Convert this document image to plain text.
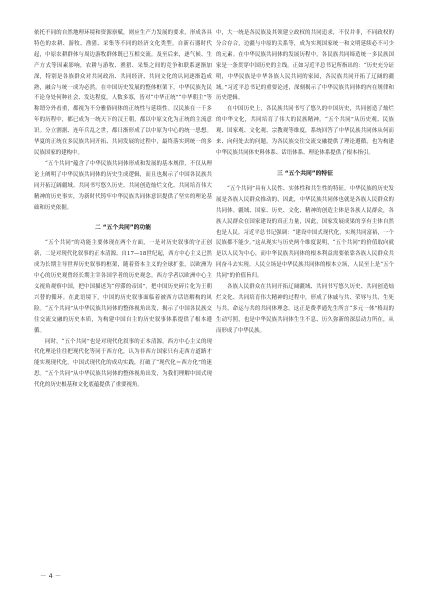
依托不同的自然地理环境和资源禀赋，则应生产力发展的要求，形成各具特色的农耕、游牧、渔猎、采集等不同的经济文化类型。自新石器时代起，中原农耕群体与周边游牧群体既已互相交流。及至后来，逐气候、生产方式等因素影响，农耕与游牧、渔猎、采集之间的竞争和联系逐渐加深，特别是各族群众对共同政治、共同经济、共同文化的认同逐渐趋成熟，融合与统一成为必然。在中国历史发展的整体框架下，中华民族先民不论身处何种社会、发达程度，人数多寡，皆对“中华正统”“中华朝主”等称谓分外看重，都视为不分雅俗同体的正统性与延续性。汉民族在一千多年的历程中，都已成为一统天下的汉王朝，都以中原文化为正统的主流意识。分立割据、连年兵乱之世，都日渐形成了以中原为中心的统一思想。华夏的正统在多民族共同开拓、共同发展的过程中，最终落实到统一的多民族国家的建构中。

“五个共同”蕴含了中华民族共同体形成和发展的基本规律，不仅从理论上阐明了中华民族共同体的历史生成逻辑，而且也揭示了中国各民族共同开拓辽阔疆域、共同书写悠久历史、共同创造灿烂文化、共同培育伟大精神的历史事实，为新时代铸牢中华民族共同体意识提供了坚实的理论基础和历史依据。

二 “五个共同”的功能

“五个共同”的功能主要体现在两个方面，一是对历史叙事的守正创新，二是对现代化叙事的正本清源。自17—18世纪起，西方中心主义已然成为长期主导世界历史叙事的框架，随着资本主义的全球扩张，以欧洲为中心的历史观曾经长期主宰各国学者的历史观念。西方学者以欧洲中心主义视角观察中国，把中国描述为“停滞的帝国”，把中国历史碎片化为王朝兴替的循环。在此语境下，中国的历史叙事面临着被西方话语解构的风险。“五个共同”从中华民族共同体的整体视角出发，揭示了中国各民族交往交流交融的历史本质，为构建中国自主的历史叙事体系提供了根本遵循。

同时，“五个共同”也是对现代化叙事的正本清源。西方中心主义的现代化理论往往把现代化等同于西方化，认为非西方国家只有走西方道路才能实现现代化。中国式现代化的成功实践，打破了“现代化＝西方化”的迷思。“五个共同”从中华民族共同体的整体视角出发，为我们理解中国式现代化的历史根基和文化底蕴提供了重要视角。

中，大一统是各民族及其领建立政权的共同追求，不仅并非，不同政权的分合存合，边疆与中原的关系等，成为实现国家统一和文明延续必不可少的元素。在中华民族共同体的发展历程中，各民族共同缔造统一多民族国家是一条贯穿中国历史的主线。正如习近平总书记所指出的：“历史充分证明，中华民族是中华各族人民共同的家园，各民族共同开拓了辽阔的疆域。”习近平总书记的重要论述，深刻揭示了中华民族共同体的内在规律和历史逻辑。

在中国历史上，各民族共同书写了悠久的中国历史，共同创造了灿烂的中华文化，共同培育了伟大的民族精神。“五个共同”从历史观、民族观、国家观、文化观、宗教观等维度，系统回答了中华民族共同体从何而来、向何处去的问题，为各民族交往交流交融提供了理论遵循，也为构建中华民族共同体史料体系、话语体系、理论体系提供了根本指引。

三 “五个共同”的特征

“五个共同”具有人民性、实体性和共生性的特征。中华民族的历史发展是各族人民群众推动的，因此，中华民族共同体也就是各族人民群众的共同体。疆域、国家、历史、文化、精神的创造主体是各族人民群众，各族人民群众在国家建设的真正力量，因此，国家发展成果的享有主体自然也是人民。习近平总书记强调：“建设中国式现代化，实现共同富裕，一个民族都不能少。”这从现实与历史两个维度说明，“五个共同”的价值取向就是以人民为中心，而中华民族共同体的根本利益需要依靠各族人民群众共同奋斗去实现。人民立场是中华民族共同体的根本立场，人民至上是“五个共同”的价值旨归。

各族人民群众在共同开拓辽阔疆域、共同书写悠久历史、共同创造灿烂文化、共同培育伟大精神的过程中，形成了休戚与共、荣辱与共、生死与共、命运与共的共同体理念。这正是费孝通先生所言“多元一体”格局的生动写照，也是中华民族共同体生生不息、历久弥新的深层动力所在，从而形成了中华民族。

－ 4 －
